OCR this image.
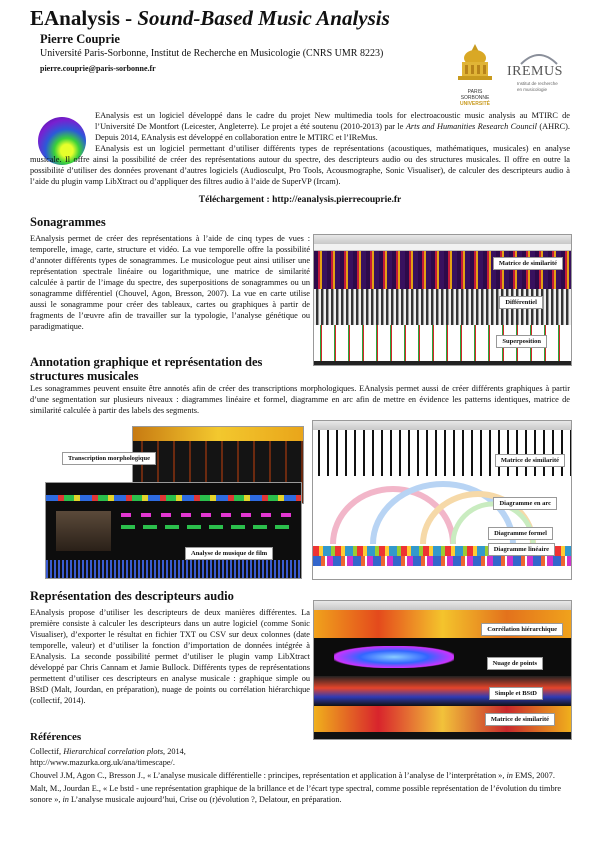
EAnalysis - Sound-Based Music Analysis
Pierre Couprie
Université Paris-Sorbonne, Institut de Recherche en Musicologie (CNRS UMR 8223)
pierre.couprie@paris-sorbonne.fr
PARIS
SORBONNE
UNIVERSITÉ
IREMUS
Institut de recherche
en musicologie

EAnalysis est un logiciel développé dans le cadre du projet New multimedia tools for electroacoustic music analysis au MTIRC de l’Université De Montfort (Leicester, Angleterre). Le projet a été soutenu (2010-2013) par le Arts and Humanities Research Council (AHRC). Depuis 2014, EAnalysis est développé en collaboration entre le MTIRC et l’IReMus.

EAnalysis est un logiciel permettant d’utiliser différents types de représentations (acoustiques, mathématiques, musicales) en analyse musicale. Il offre ainsi la possibilité de créer des représentations autour du spectre, des descripteurs audio ou des structures musicales. Il offre en outre la possibilité d’utiliser des données provenant d’autres logiciels (Audiosculpt, Pro Tools, Acousmographe, Sonic Visualiser), de calculer des descripteurs audio à l’aide du plugin vamp LibXtract ou d’appliquer des filtres audio à l’aide de SuperVP (Ircam).

Téléchargement : http://eanalysis.pierrecouprie.fr
Sonagrammes

EAnalysis permet de créer des représentations à l’aide de cinq types de vues : temporelle, image, carte, structure et vidéo. La vue temporelle offre la possibilité d’annoter différents types de sonagrammes. Le musicologue peut ainsi utiliser une représentation spectrale linéaire ou logarithmique, une matrice de similarité calculée à partir de l’image du spectre, des superpositions de sonagrammes ou un sonagramme différentiel (Chouvel, Agon, Bresson, 2007). La vue en carte utilise aussi le sonagramme pour créer des tableaux, cartes ou graphiques à partir de fragments de l’œuvre afin de travailler sur la typologie, l’analyse génétique ou paradigmatique.

Matrice de similarité
Différentiel
Superposition
Annotation graphique et représentation des structures musicales

Les sonagrammes peuvent ensuite être annotés afin de créer des transcriptions morphologiques. EAnalysis permet aussi de créer différents graphiques à partir d’une segmentation sur plusieurs niveaux : diagrammes linéaire et formel, diagramme en arc afin de mettre en évidence les patterns identiques, matrice de similarité calculée à partir des labels des segments.

Transcription morphologique
Analyse de musique de film
Matrice de similarité
Diagramme en arc
Diagramme formel
Diagramme linéaire
Représentation des descripteurs audio

EAnalysis propose d’utiliser les descripteurs de deux manières différentes. La première consiste à calculer les descripteurs dans un autre logiciel (comme Sonic Visualiser), d’exporter le résultat en fichier TXT ou CSV sur deux colonnes (date temporelle, valeur) et d’utiliser la fonction d’importation de données intégrée à EAnalysis. La seconde possibilité permet d’utiliser le plugin vamp LibXtract développé par Chris Cannam et Jamie Bullock. Différents types de représentations permettent d’utiliser ces descripteurs en analyse musicale : graphique simple ou BStD (Malt, Jourdan, en préparation), nuage de points ou corrélation hiérarchique (collectif, 2014).

Corrélation hiérarchique
Nuage de points
Simple et BStD
Matrice de similarité
Références

Collectif, Hierarchical correlation plots, 2014, http://www.mazurka.org.uk/ana/timescape/.

Chouvel J.M, Agon C., Bresson J., « L’analyse musicale différentielle : principes, représentation et application à l’analyse de l’interprétation », in EMS, 2007.

Malt, M., Jourdan E., « Le bstd - une représentation graphique de la brillance et de l’écart type spectral, comme possible représentation de l’évolution du timbre sonore », in L’analyse musicale aujourd’hui, Crise ou (r)évolution ?, Delatour, en préparation.
